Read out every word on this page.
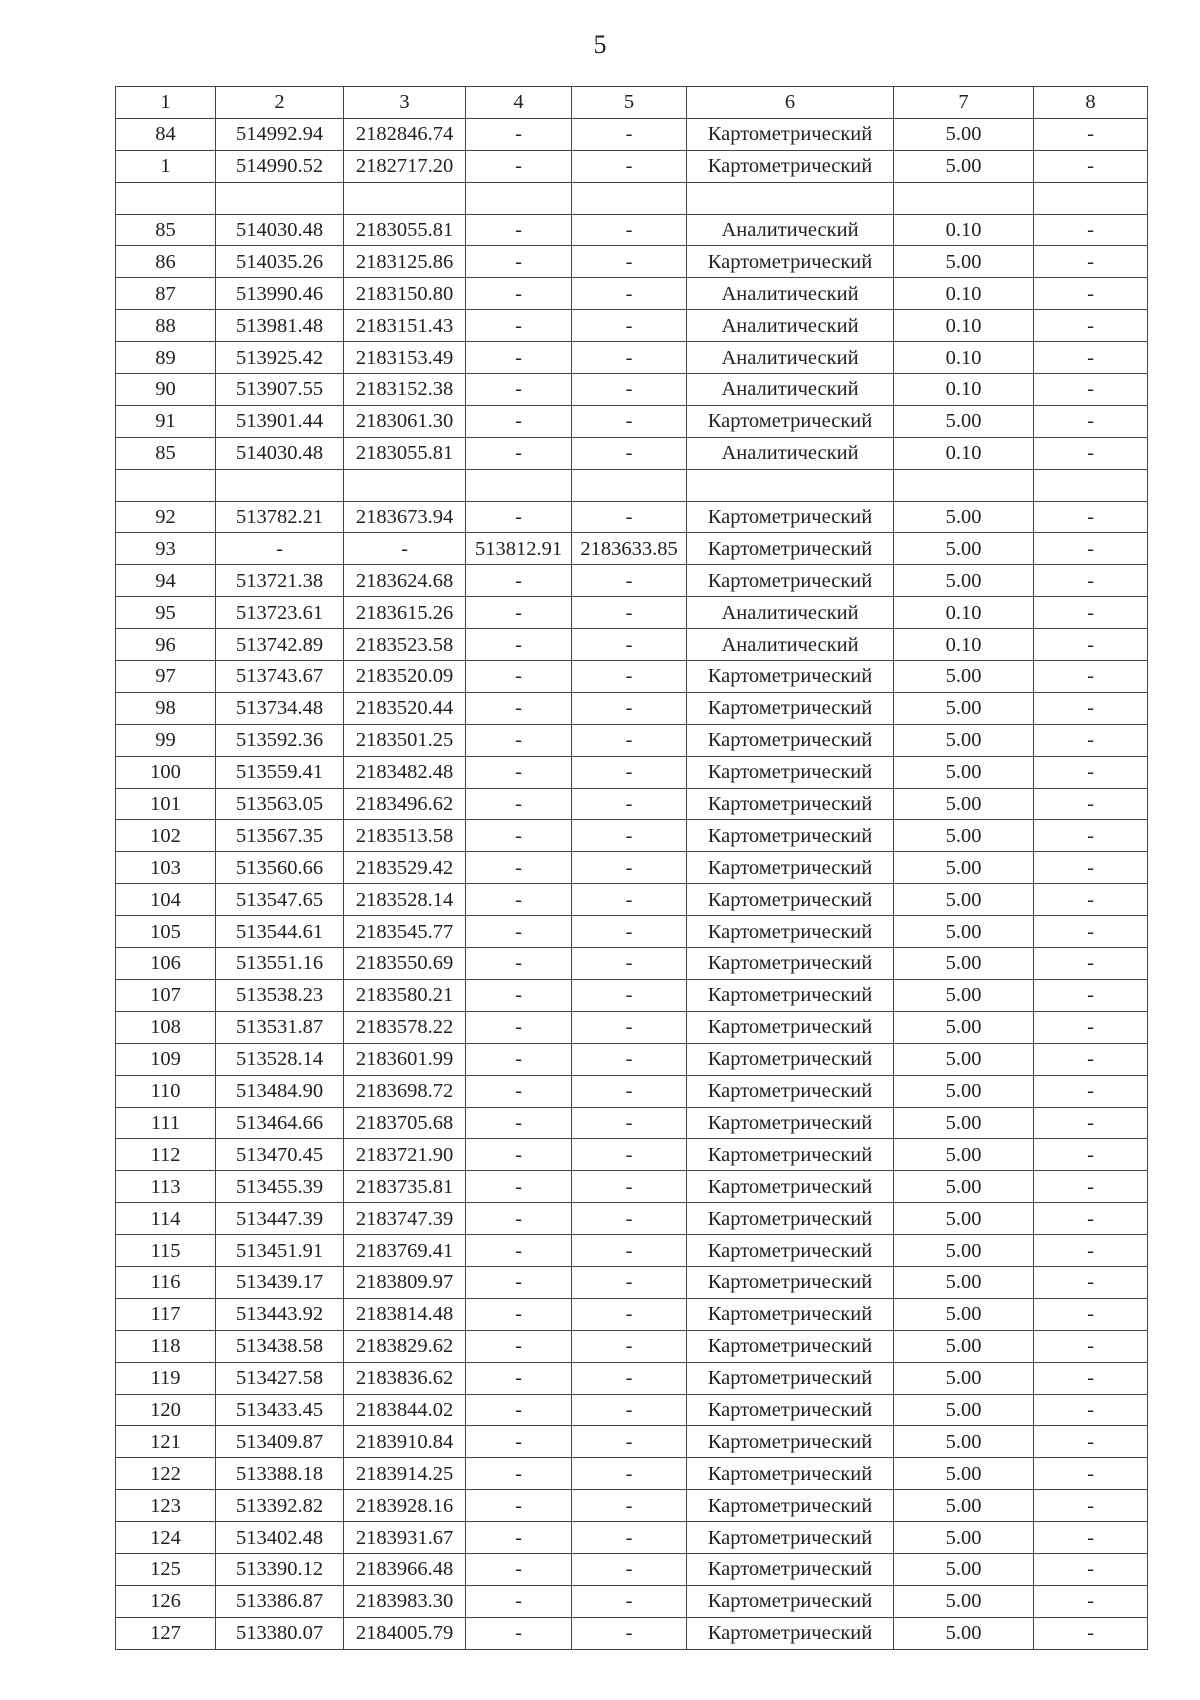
5
1	2	3	4	5	6	7	8
84	514992.94	2182846.74	-	-	Картометрический	5.00	-
1	514990.52	2182717.20	-	-	Картометрический	5.00	-

85	514030.48	2183055.81	-	-	Аналитический	0.10	-
86	514035.26	2183125.86	-	-	Картометрический	5.00	-
87	513990.46	2183150.80	-	-	Аналитический	0.10	-
88	513981.48	2183151.43	-	-	Аналитический	0.10	-
89	513925.42	2183153.49	-	-	Аналитический	0.10	-
90	513907.55	2183152.38	-	-	Аналитический	0.10	-
91	513901.44	2183061.30	-	-	Картометрический	5.00	-
85	514030.48	2183055.81	-	-	Аналитический	0.10	-

92	513782.21	2183673.94	-	-	Картометрический	5.00	-
93	-	-	513812.91	2183633.85	Картометрический	5.00	-
94	513721.38	2183624.68	-	-	Картометрический	5.00	-
95	513723.61	2183615.26	-	-	Аналитический	0.10	-
96	513742.89	2183523.58	-	-	Аналитический	0.10	-
97	513743.67	2183520.09	-	-	Картометрический	5.00	-
98	513734.48	2183520.44	-	-	Картометрический	5.00	-
99	513592.36	2183501.25	-	-	Картометрический	5.00	-
100	513559.41	2183482.48	-	-	Картометрический	5.00	-
101	513563.05	2183496.62	-	-	Картометрический	5.00	-
102	513567.35	2183513.58	-	-	Картометрический	5.00	-
103	513560.66	2183529.42	-	-	Картометрический	5.00	-
104	513547.65	2183528.14	-	-	Картометрический	5.00	-
105	513544.61	2183545.77	-	-	Картометрический	5.00	-
106	513551.16	2183550.69	-	-	Картометрический	5.00	-
107	513538.23	2183580.21	-	-	Картометрический	5.00	-
108	513531.87	2183578.22	-	-	Картометрический	5.00	-
109	513528.14	2183601.99	-	-	Картометрический	5.00	-
110	513484.90	2183698.72	-	-	Картометрический	5.00	-
111	513464.66	2183705.68	-	-	Картометрический	5.00	-
112	513470.45	2183721.90	-	-	Картометрический	5.00	-
113	513455.39	2183735.81	-	-	Картометрический	5.00	-
114	513447.39	2183747.39	-	-	Картометрический	5.00	-
115	513451.91	2183769.41	-	-	Картометрический	5.00	-
116	513439.17	2183809.97	-	-	Картометрический	5.00	-
117	513443.92	2183814.48	-	-	Картометрический	5.00	-
118	513438.58	2183829.62	-	-	Картометрический	5.00	-
119	513427.58	2183836.62	-	-	Картометрический	5.00	-
120	513433.45	2183844.02	-	-	Картометрический	5.00	-
121	513409.87	2183910.84	-	-	Картометрический	5.00	-
122	513388.18	2183914.25	-	-	Картометрический	5.00	-
123	513392.82	2183928.16	-	-	Картометрический	5.00	-
124	513402.48	2183931.67	-	-	Картометрический	5.00	-
125	513390.12	2183966.48	-	-	Картометрический	5.00	-
126	513386.87	2183983.30	-	-	Картометрический	5.00	-
127	513380.07	2184005.79	-	-	Картометрический	5.00	-
